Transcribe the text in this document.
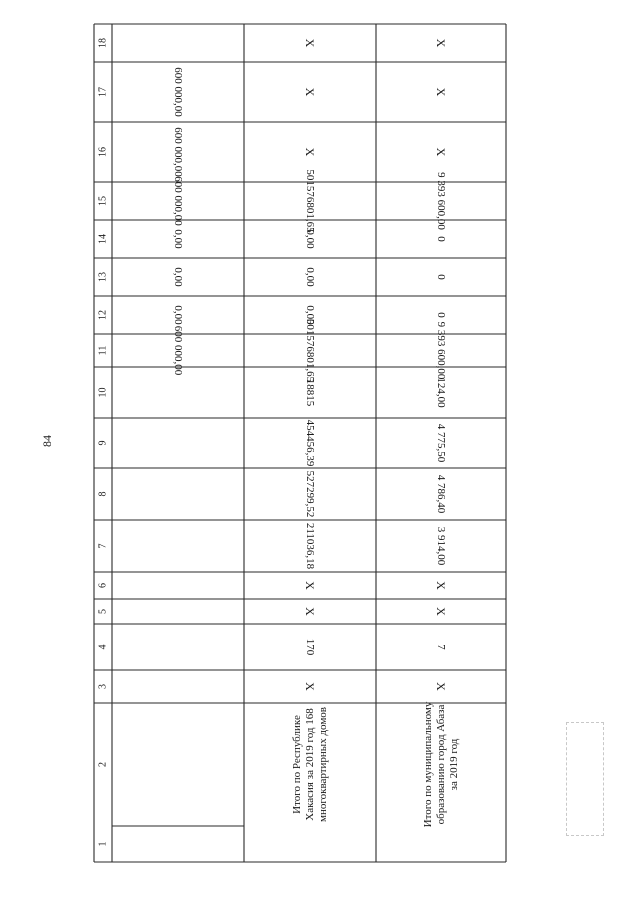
84
1
2
3
4
5
6
7
8
9
10
11
12
13
14
15
16
17
18
600 000,00
0,00
0,00
0,00
600 000,00
600 000,00
600 000,00
X
170
X
X
211036,18
527299,52
454456,39
18815
501576801,65
0,00
0,00
0,00
501576801,65
X
X
X
X
7
X
X
3 914,00
4 786,40
4 775,50
124,00
9 393 600,00
0
0
0
9 393 600,00
X
X
X
Итого по РеспубликеХакасия за 2019 год 168многоквартирных домов	Итого по муниципальномуобразованию город Абазаза 2019 год
